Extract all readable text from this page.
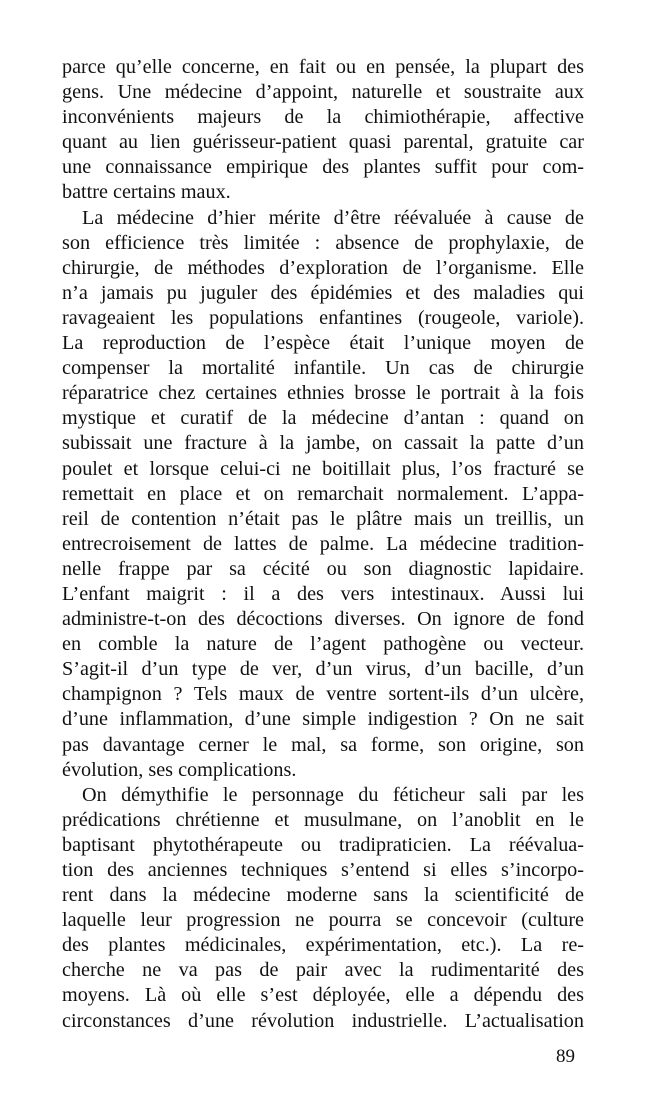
parce qu’elle concerne, en fait ou en pensée, la plupart des
gens. Une médecine d’appoint, naturelle et soustraite aux
inconvénients majeurs de la chimiothérapie, affective
quant au lien guérisseur-patient quasi parental, gratuite car
une connaissance empirique des plantes suffit pour com-
battre certains maux.
La médecine d’hier mérite d’être réévaluée à cause de
son efficience très limitée : absence de prophylaxie, de
chirurgie, de méthodes d’exploration de l’organisme. Elle
n’a jamais pu juguler des épidémies et des maladies qui
ravageaient les populations enfantines (rougeole, variole).
La reproduction de l’espèce était l’unique moyen de
compenser la mortalité infantile. Un cas de chirurgie
réparatrice chez certaines ethnies brosse le portrait à la fois
mystique et curatif de la médecine d’antan : quand on
subissait une fracture à la jambe, on cassait la patte d’un
poulet et lorsque celui-ci ne boitillait plus, l’os fracturé se
remettait en place et on remarchait normalement. L’appa-
reil de contention n’était pas le plâtre mais un treillis, un
entrecroisement de lattes de palme. La médecine tradition-
nelle frappe par sa cécité ou son diagnostic lapidaire.
L’enfant maigrit : il a des vers intestinaux. Aussi lui
administre-t-on des décoctions diverses. On ignore de fond
en comble la nature de l’agent pathogène ou vecteur.
S’agit-il d’un type de ver, d’un virus, d’un bacille, d’un
champignon ? Tels maux de ventre sortent-ils d’un ulcère,
d’une inflammation, d’une simple indigestion ? On ne sait
pas davantage cerner le mal, sa forme, son origine, son
évolution, ses complications.
On démythifie le personnage du féticheur sali par les
prédications chrétienne et musulmane, on l’anoblit en le
baptisant phytothérapeute ou tradipraticien. La réévalua-
tion des anciennes techniques s’entend si elles s’incorpo-
rent dans la médecine moderne sans la scientificité de
laquelle leur progression ne pourra se concevoir (culture
des plantes médicinales, expérimentation, etc.). La re-
cherche ne va pas de pair avec la rudimentarité des
moyens. Là où elle s’est déployée, elle a dépendu des
circonstances d’une révolution industrielle. L’actualisation
89
